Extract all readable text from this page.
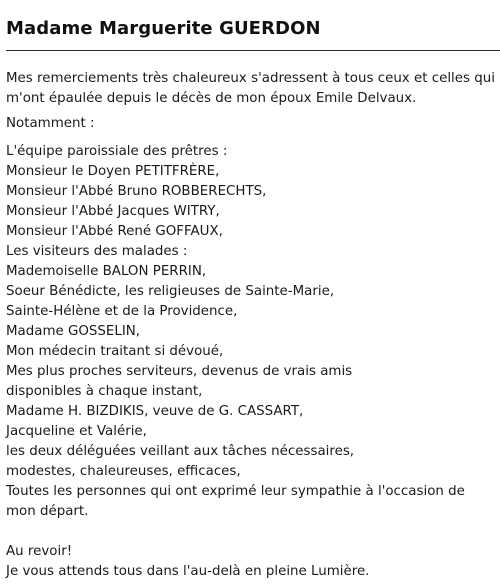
Madame Marguerite GUERDON
Mes remerciements très chaleureux s'adressent à tous ceux et celles qui
m'ont épaulée depuis le décès de mon époux Emile Delvaux.
Notamment :
L'équipe paroissiale des prêtres :
Monsieur le Doyen PETITFRÈRE,
Monsieur l'Abbé Bruno ROBBERECHTS,
Monsieur l'Abbé Jacques WITRY,
Monsieur l'Abbé René GOFFAUX,
Les visiteurs des malades :
Mademoiselle BALON PERRIN,
Soeur Bénédicte, les religieuses de Sainte-Marie,
Sainte-Hélène et de la Providence,
Madame GOSSELIN,
Mon médecin traitant si dévoué,
Mes plus proches serviteurs, devenus de vrais amis
disponibles à chaque instant,
Madame H. BIZDIKIS, veuve de G. CASSART,
Jacqueline et Valérie,
les deux déléguées veillant aux tâches nécessaires,
modestes, chaleureuses, efficaces,
Toutes les personnes qui ont exprimé leur sympathie à l'occasion de
mon départ.
Au revoir!
Je vous attends tous dans l'au-delà en pleine Lumière.
